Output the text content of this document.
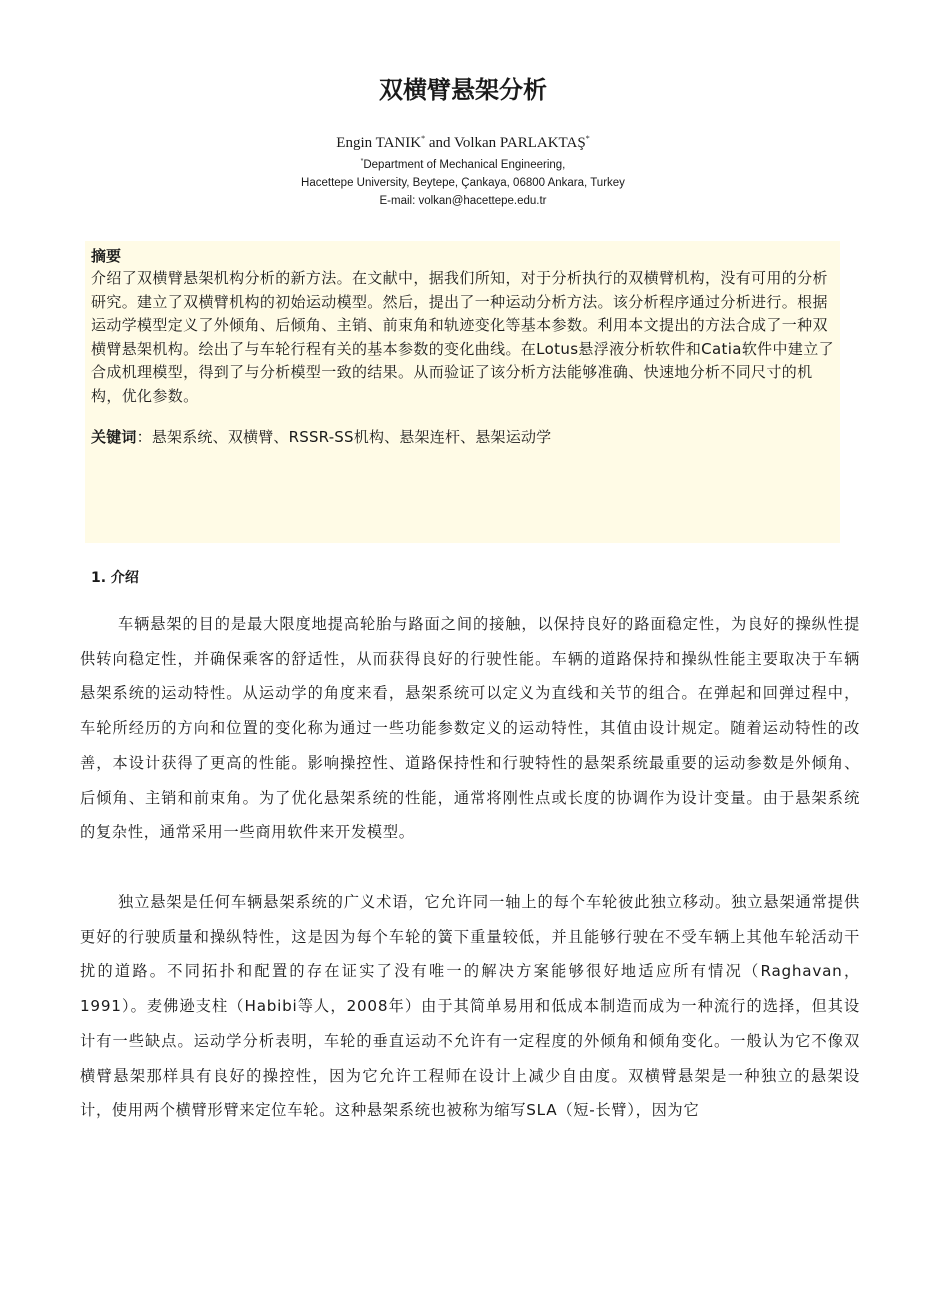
双横臂悬架分析
Engin TANIK* and Volkan PARLAKTAŞ*
*Department of Mechanical Engineering,
Hacettepe University, Beytepe, Çankaya, 06800 Ankara, Turkey
E-mail: volkan@hacettepe.edu.tr

摘要

介绍了双横臂悬架机构分析的新方法。在文献中，据我们所知，对于分析执行的双横臂机构，没有可用的分析研究。建立了双横臂机构的初始运动模型。然后，提出了一种运动分析方法。该分析程序通过分析进行。根据运动学模型定义了外倾角、后倾角、主销、前束角和轨迹变化等基本参数。利用本文提出的方法合成了一种双横臂悬架机构。绘出了与车轮行程有关的基本参数的变化曲线。在Lotus悬浮液分析软件和Catia软件中建立了合成机理模型，得到了与分析模型一致的结果。从而验证了该分析方法能够准确、快速地分析不同尺寸的机构，优化参数。

关键词：悬架系统、双横臂、RSSR-SS机构、悬架连杆、悬架运动学
1. 介绍

车辆悬架的目的是最大限度地提高轮胎与路面之间的接触，以保持良好的路面稳定性，为良好的操纵性提供转向稳定性，并确保乘客的舒适性，从而获得良好的行驶性能。车辆的道路保持和操纵性能主要取决于车辆悬架系统的运动特性。从运动学的角度来看，悬架系统可以定义为直线和关节的组合。在弹起和回弹过程中，车轮所经历的方向和位置的变化称为通过一些功能参数定义的运动特性，其值由设计规定。随着运动特性的改善，本设计获得了更高的性能。影响操控性、道路保持性和行驶特性的悬架系统最重要的运动参数是外倾角、后倾角、主销和前束角。为了优化悬架系统的性能，通常将刚性点或长度的协调作为设计变量。由于悬架系统的复杂性，通常采用一些商用软件来开发模型。

独立悬架是任何车辆悬架系统的广义术语，它允许同一轴上的每个车轮彼此独立移动。独立悬架通常提供更好的行驶质量和操纵特性，这是因为每个车轮的簧下重量较低，并且能够行驶在不受车辆上其他车轮活动干扰的道路。不同拓扑和配置的存在证实了没有唯一的解决方案能够很好地适应所有情况（Raghavan，1991）。麦佛逊支柱（Habibi等人，2008年）由于其简单易用和低成本制造而成为一种流行的选择，但其设计有一些缺点。运动学分析表明，车轮的垂直运动不允许有一定程度的外倾角和倾角变化。一般认为它不像双横臂悬架那样具有良好的操控性，因为它允许工程师在设计上减少自由度。双横臂悬架是一种独立的悬架设计，使用两个横臂形臂来定位车轮。这种悬架系统也被称为缩写SLA（短-长臂），因为它
